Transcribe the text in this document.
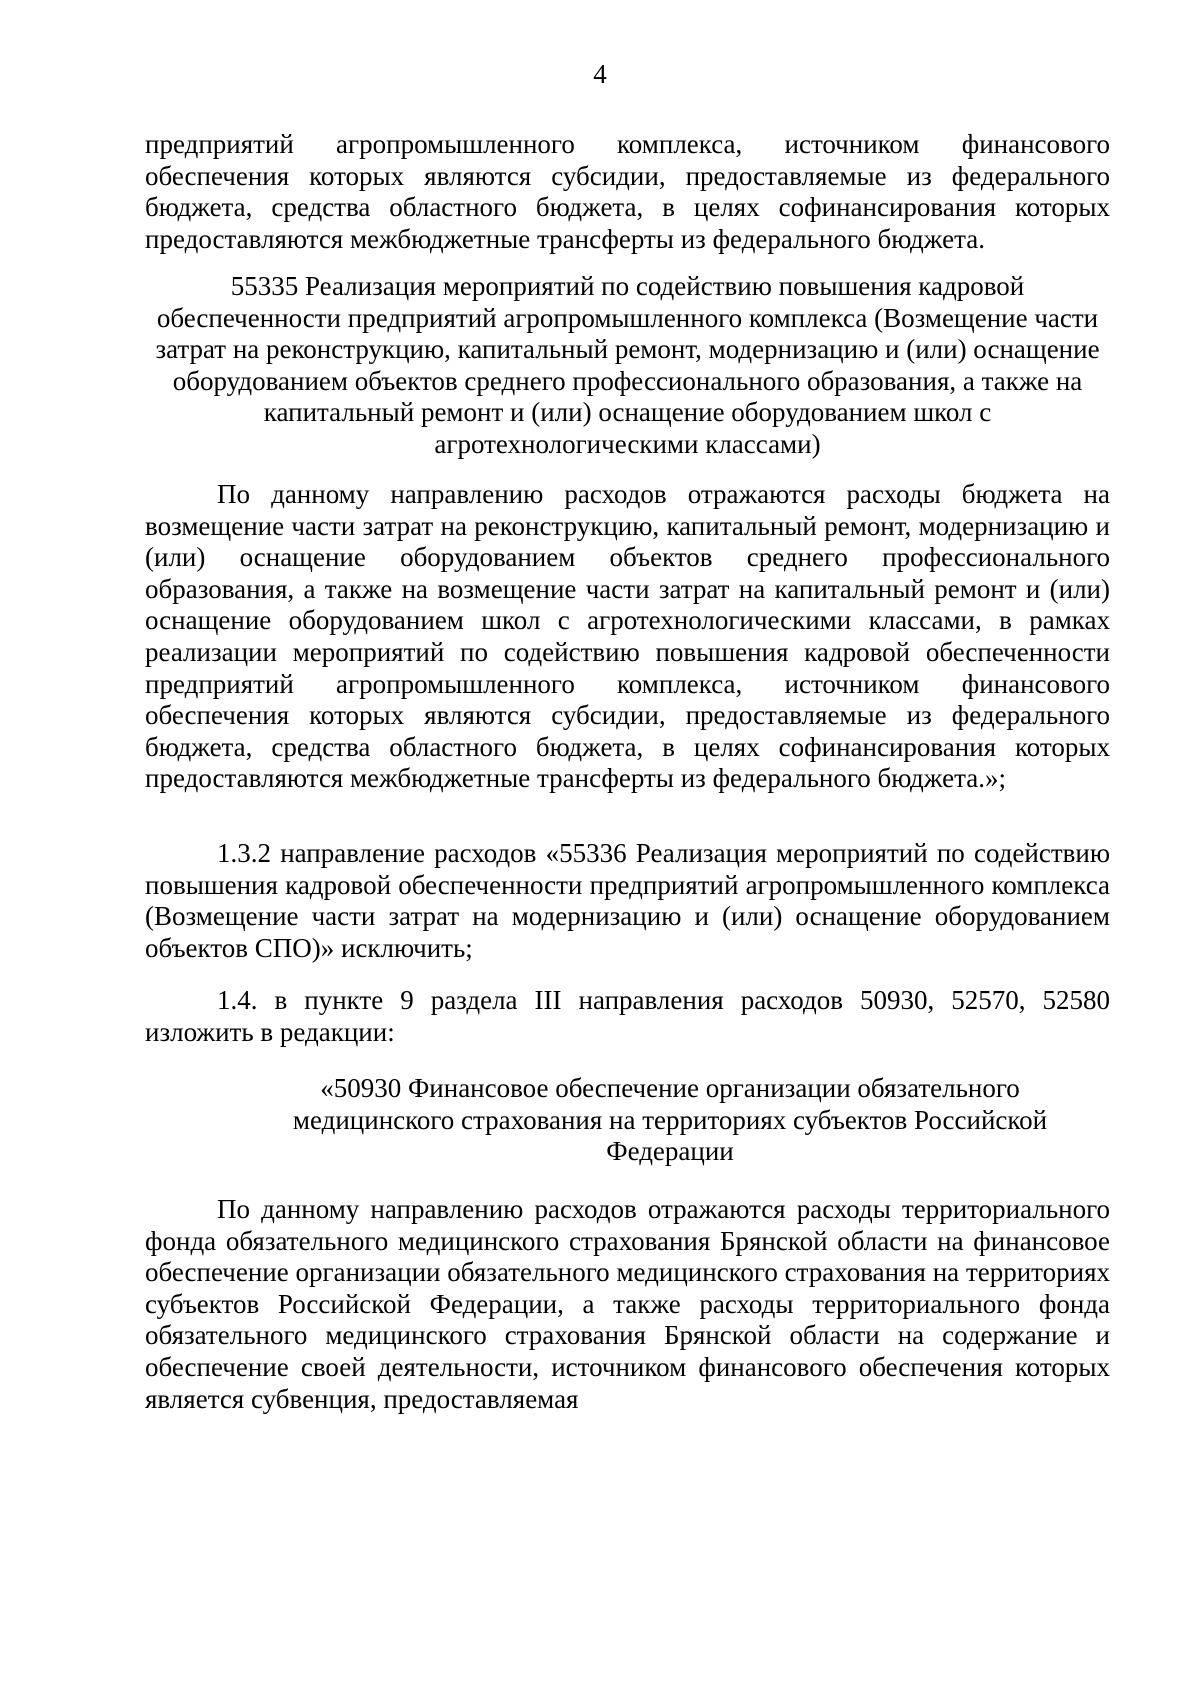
4

предприятий агропромышленного комплекса, источником финансового обеспечения которых являются субсидии, предоставляемые из федерального бюджета, средства областного бюджета, в целях софинансирования которых предоставляются межбюджетные трансферты из федерального бюджета.

55335 Реализация мероприятий по содействию повышения кадровой обеспеченности предприятий агропромышленного комплекса (Возмещение части затрат на реконструкцию, капитальный ремонт, модернизацию и (или) оснащение оборудованием объектов среднего профессионального образования, а также на капитальный ремонт и (или) оснащение оборудованием школ с агротехнологическими классами)

По данному направлению расходов отражаются расходы бюджета на возмещение части затрат на реконструкцию, капитальный ремонт, модернизацию и (или) оснащение оборудованием объектов среднего профессионального образования, а также на возмещение части затрат на капитальный ремонт и (или) оснащение оборудованием школ с агротехнологическими классами, в рамках реализации мероприятий по содействию повышения кадровой обеспеченности предприятий агропромышленного комплекса, источником финансового обеспечения которых являются субсидии, предоставляемые из федерального бюджета, средства областного бюджета, в целях софинансирования которых предоставляются межбюджетные трансферты из федерального бюджета.»;

1.3.2 направление расходов «55336 Реализация мероприятий по содействию повышения кадровой обеспеченности предприятий агропромышленного комплекса (Возмещение части затрат на модернизацию и (или) оснащение оборудованием объектов СПО)» исключить;

1.4. в пункте 9 раздела III направления расходов 50930, 52570, 52580 изложить в редакции:

«50930 Финансовое обеспечение организации обязательного медицинского страхования на территориях субъектов Российской Федерации

По данному направлению расходов отражаются расходы территориального фонда обязательного медицинского страхования Брянской области на финансовое обеспечение организации обязательного медицинского страхования на территориях субъектов Российской Федерации, а также расходы территориального фонда обязательного медицинского страхования Брянской области на содержание и обеспечение своей деятельности, источником финансового обеспечения которых является субвенция, предоставляемая
